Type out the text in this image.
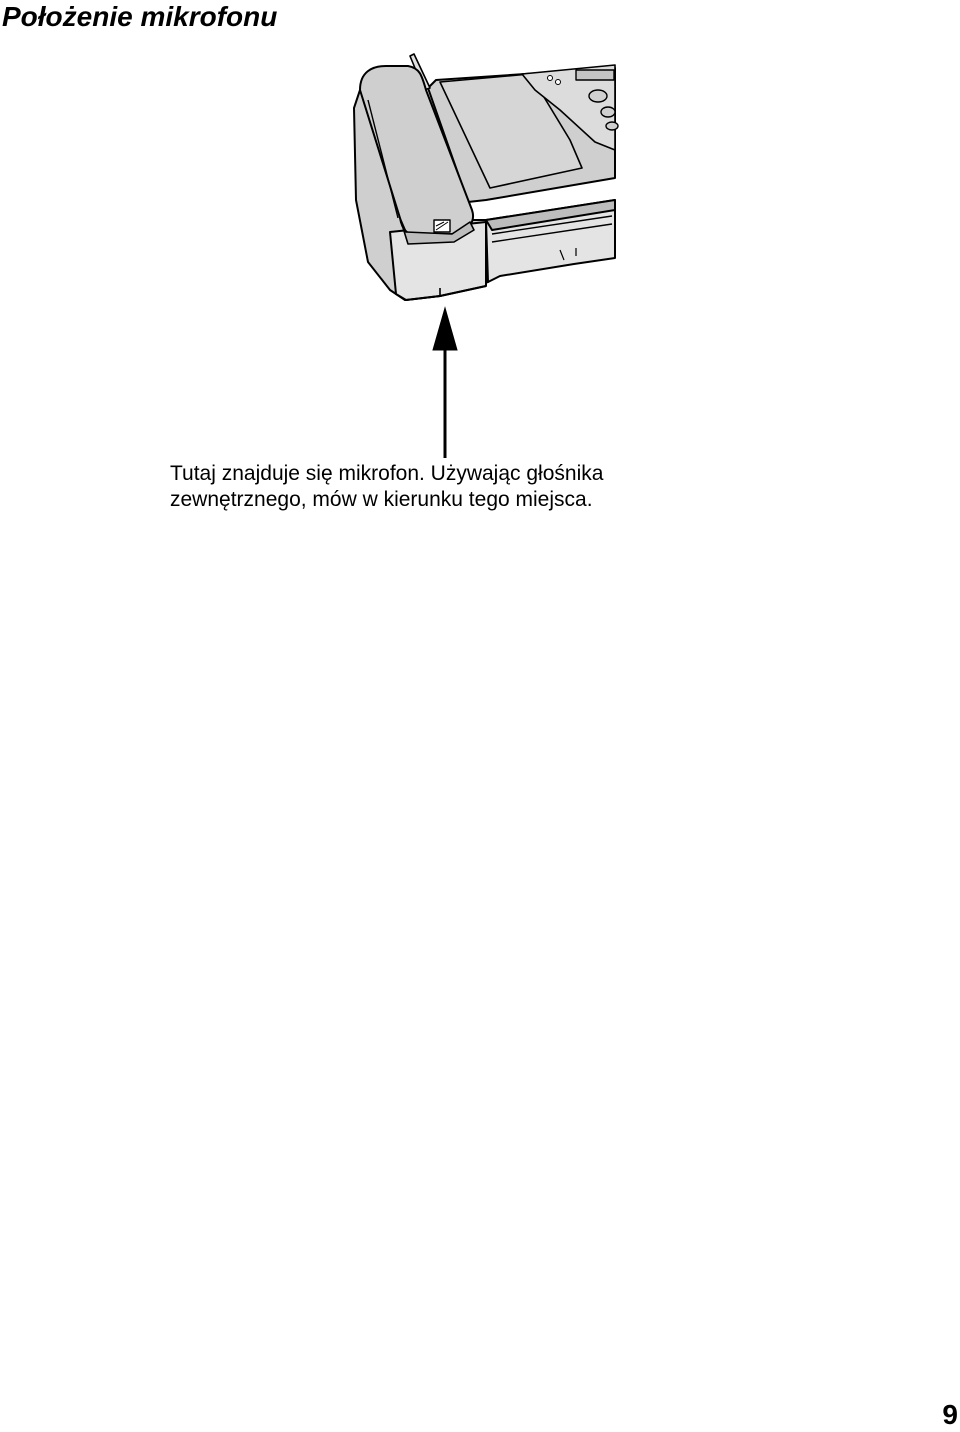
Położenie mikrofonu
Tutaj znajduje się mikrofon. Używając głośnika
zewnętrznego, mów w kierunku tego miejsca.
9
